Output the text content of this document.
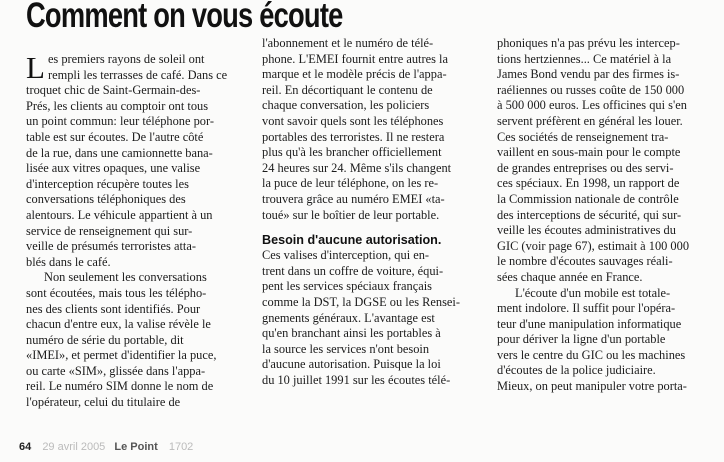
Comment on vous écoute
L es premiers rayons de soleil ont
rempli les terrasses de café. Dans ce
troquet chic de Saint-Germain-des-
Prés, les clients au comptoir ont tous
un point commun: leur téléphone por-
table est sur écoutes. De l'autre côté
de la rue, dans une camionnette bana-
lisée aux vitres opaques, une valise
d'interception récupère toutes les
conversations téléphoniques des
alentours. Le véhicule appartient à un
service de renseignement qui sur-
veille de présumés terroristes atta-
blés dans le café.
Non seulement les conversations
sont écoutées, mais tous les télépho-
nes des clients sont identifiés. Pour
chacun d'entre eux, la valise révèle le
numéro de série du portable, dit
«IMEI», et permet d'identifier la puce,
ou carte «SIM», glissée dans l'appa-
reil. Le numéro SIM donne le nom de
l'opérateur, celui du titulaire de
l'abonnement et le numéro de télé-
phone. L'EMEI fournit entre autres la
marque et le modèle précis de l'appa-
reil. En décortiquant le contenu de
chaque conversation, les policiers
vont savoir quels sont les téléphones
portables des terroristes. Il ne restera
plus qu'à les brancher officiellement
24 heures sur 24. Même s'ils changent
la puce de leur téléphone, on les re-
trouvera grâce au numéro EMEI «ta-
toué» sur le boîtier de leur portable.
Besoin d'aucune autorisation.
Ces valises d'interception, qui en-
trent dans un coffre de voiture, équi-
pent les services spéciaux français
comme la DST, la DGSE ou les Rensei-
gnements généraux. L'avantage est
qu'en branchant ainsi les portables à
la source les services n'ont besoin
d'aucune autorisation. Puisque la loi
du 10 juillet 1991 sur les écoutes télé-
phoniques n'a pas prévu les intercep-
tions hertziennes... Ce matériel à la
James Bond vendu par des firmes is-
raéliennes ou russes coûte de 150 000
à 500 000 euros. Les officines qui s'en
servent préfèrent en général les louer.
Ces sociétés de renseignement tra-
vaillent en sous-main pour le compte
de grandes entreprises ou des servi-
ces spéciaux. En 1998, un rapport de
la Commission nationale de contrôle
des interceptions de sécurité, qui sur-
veille les écoutes administratives du
GIC (voir page 67), estimait à 100 000
le nombre d'écoutes sauvages réali-
sées chaque année en France.
L'écoute d'un mobile est totale-
ment indolore. Il suffit pour l'opéra-
teur d'une manipulation informatique
pour dériver la ligne d'un portable
vers le centre du GIC ou les machines
d'écoutes de la police judiciaire.
Mieux, on peut manipuler votre porta-
64 29 avril 2005 Le Point 1702
